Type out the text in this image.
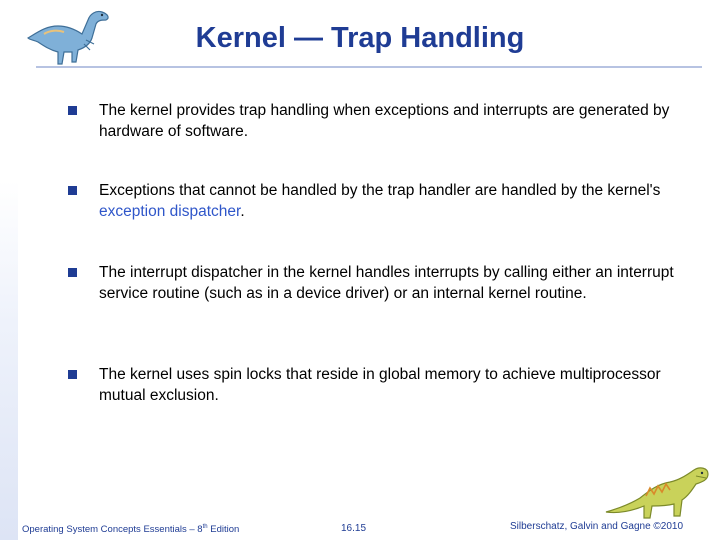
Kernel — Trap Handling
The kernel provides trap handling when exceptions and interrupts are generated by hardware of software.
Exceptions that cannot be handled by the trap handler are handled by the kernel's exception dispatcher.
The interrupt dispatcher in the kernel handles interrupts by calling either an interrupt service routine (such as in a device driver) or an internal kernel routine.
The kernel uses spin locks that reside in global memory to achieve multiprocessor mutual exclusion.
Operating System Concepts Essentials – 8th Edition	16.15	Silberschatz, Galvin and Gagne ©2010
